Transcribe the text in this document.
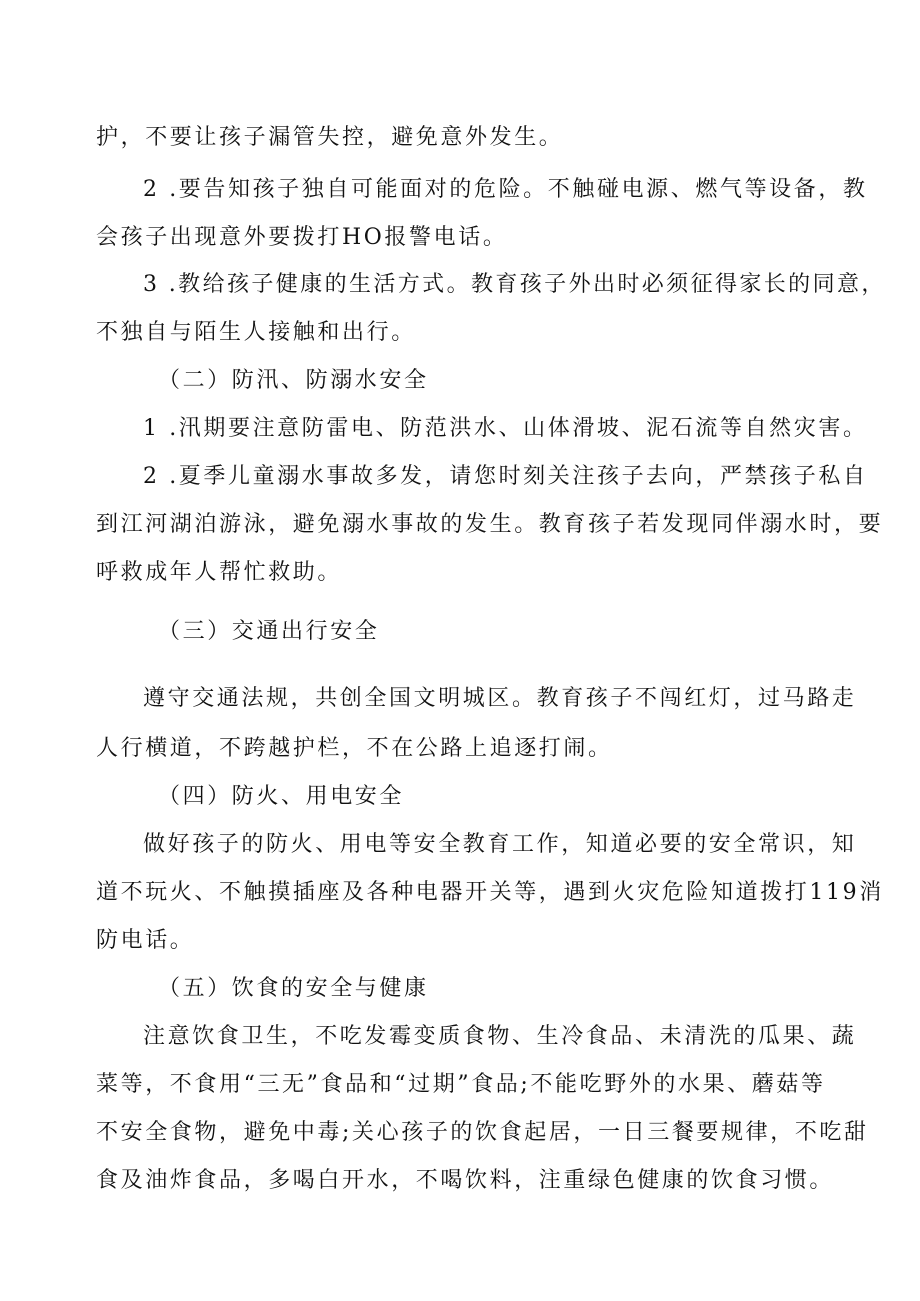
护，不要让孩子漏管失控，避免意外发生。
2 .要告知孩子独自可能面对的危险。不触碰电源、燃气等设备，教
会孩子出现意外要拨打HO报警电话。
3 .教给孩子健康的生活方式。教育孩子外出时必须征得家长的同意，
不独自与陌生人接触和出行。
（二）防汛、防溺水安全
1 .汛期要注意防雷电、防范洪水、山体滑坡、泥石流等自然灾害。
2 .夏季儿童溺水事故多发，请您时刻关注孩子去向，严禁孩子私自
到江河湖泊游泳，避免溺水事故的发生。教育孩子若发现同伴溺水时，要
呼救成年人帮忙救助。
（三）交通出行安全
遵守交通法规，共创全国文明城区。教育孩子不闯红灯，过马路走
人行横道，不跨越护栏，不在公路上追逐打闹。
（四）防火、用电安全
做好孩子的防火、用电等安全教育工作，知道必要的安全常识，知
道不玩火、不触摸插座及各种电器开关等，遇到火灾危险知道拨打119消
防电话。
（五）饮食的安全与健康
注意饮食卫生，不吃发霉变质食物、生冷食品、未清洗的瓜果、蔬
菜等，不食用“三无”食品和“过期”食品;不能吃野外的水果、蘑菇等
不安全食物，避免中毒;关心孩子的饮食起居，一日三餐要规律，不吃甜
食及油炸食品，多喝白开水，不喝饮料，注重绿色健康的饮食习惯。
